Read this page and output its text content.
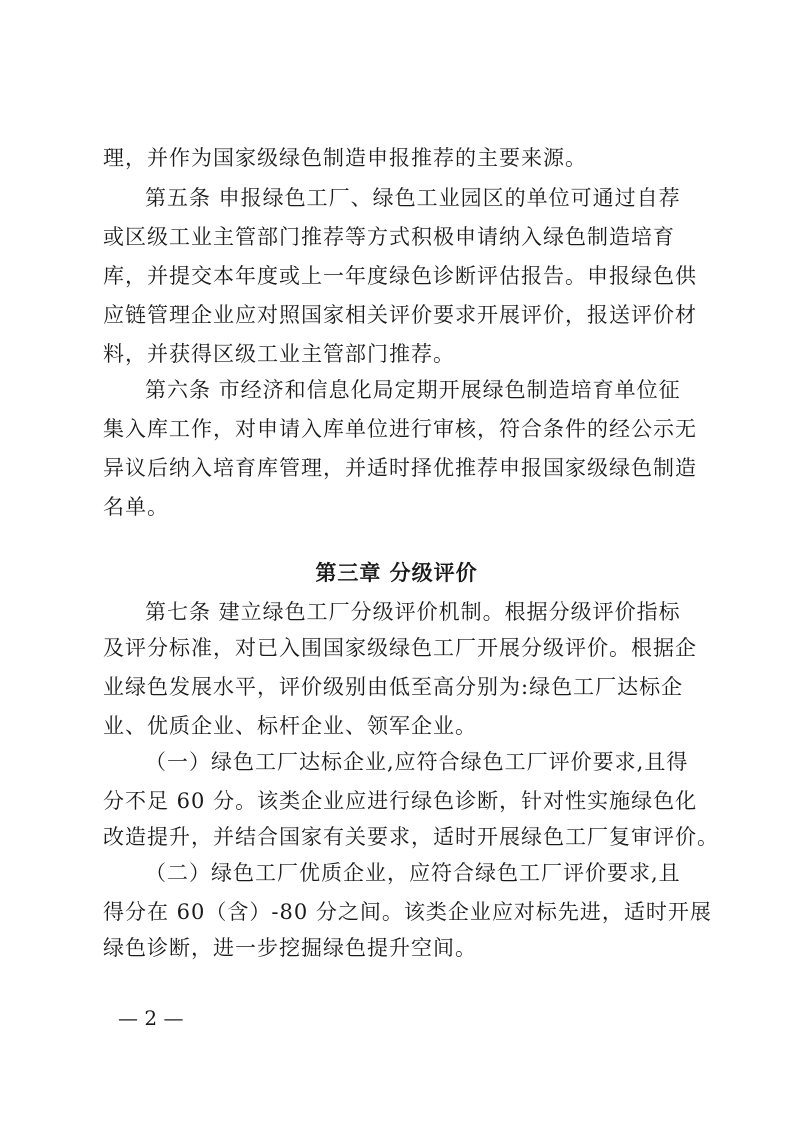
理，并作为国家级绿色制造申报推荐的主要来源。

第五条 申报绿色工厂、绿色工业园区的单位可通过自荐

或区级工业主管部门推荐等方式积极申请纳入绿色制造培育

库，并提交本年度或上一年度绿色诊断评估报告。申报绿色供

应链管理企业应对照国家相关评价要求开展评价，报送评价材

料，并获得区级工业主管部门推荐。

第六条 市经济和信息化局定期开展绿色制造培育单位征

集入库工作，对申请入库单位进行审核，符合条件的经公示无

异议后纳入培育库管理，并适时择优推荐申报国家级绿色制造

名单。

第三章 分级评价

第七条 建立绿色工厂分级评价机制。根据分级评价指标

及评分标准，对已入围国家级绿色工厂开展分级评价。根据企

业绿色发展水平，评价级别由低至高分别为:绿色工厂达标企

业、优质企业、标杆企业、领军企业。

（一）绿色工厂达标企业,应符合绿色工厂评价要求,且得

分不足 60 分。该类企业应进行绿色诊断，针对性实施绿色化

改造提升，并结合国家有关要求，适时开展绿色工厂复审评价。

（二）绿色工厂优质企业，应符合绿色工厂评价要求,且

得分在 60（含）-80 分之间。该类企业应对标先进，适时开展

绿色诊断，进一步挖掘绿色提升空间。

— 2 —
